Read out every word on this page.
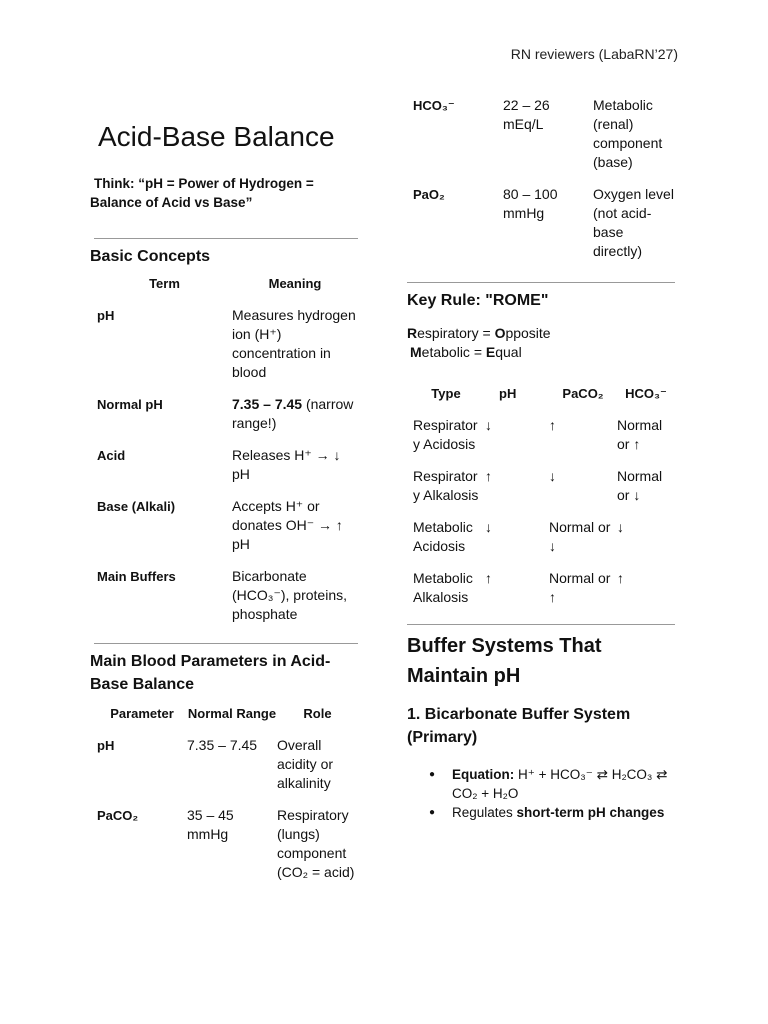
RN reviewers (LabaRN’27)
Acid-Base Balance
Think: “pH = Power of Hydrogen =
Balance of Acid vs Base”
Basic Concepts
Term	Meaning
pH	Measures hydrogen ion (H⁺) concentration in blood
Normal pH	7.35 – 7.45 (narrow range!)
Acid	Releases H⁺ → ↓ pH
Base (Alkali)	Accepts H⁺ or donates OH⁻ → ↑ pH
Main Buffers	Bicarbonate (HCO₃⁻), proteins, phosphate
Main Blood Parameters in Acid-Base Balance
Parameter	Normal Range	Role
pH	7.35 – 7.45	Overall acidity or alkalinity
PaCO₂	35 – 45 mmHg	Respiratory (lungs) component (CO₂ = acid)
HCO₃⁻	22 – 26 mEq/L	Metabolic (renal) component (base)
PaO₂	80 – 100 mmHg	Oxygen level (not acid-base directly)
Key Rule: "ROME"
Respiratory = Opposite
Metabolic = Equal
Type	pH	PaCO₂	HCO₃⁻
Respiratory Acidosis	↓	↑	Normal or ↑
Respiratory Alkalosis	↑	↓	Normal or ↓
Metabolic Acidosis	↓	Normal or ↓	↓
Metabolic Alkalosis	↑	Normal or ↑	↑
Buffer Systems That Maintain pH
1. Bicarbonate Buffer System (Primary)
● Equation: H⁺ + HCO₃⁻ ⇄ H₂CO₃ ⇄ CO₂ + H₂O
● Regulates short-term pH changes
